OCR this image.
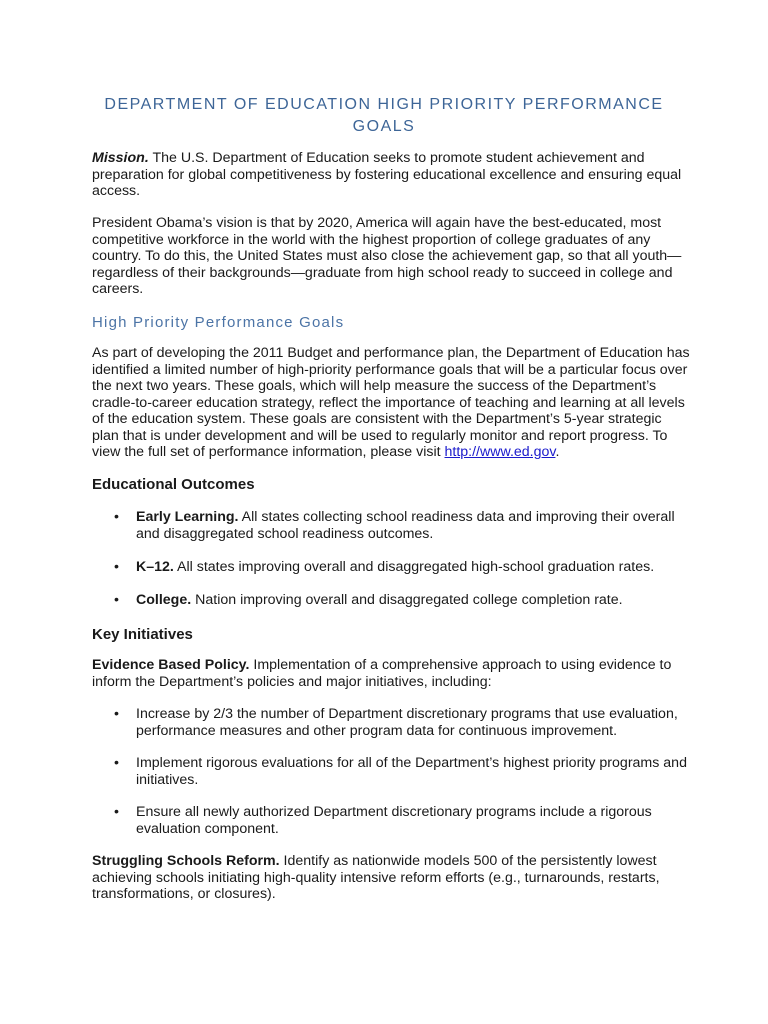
DEPARTMENT OF EDUCATION HIGH PRIORITY PERFORMANCE GOALS
Mission. The U.S. Department of Education seeks to promote student achievement and preparation for global competitiveness by fostering educational excellence and ensuring equal access.
President Obama’s vision is that by 2020, America will again have the best-educated, most competitive workforce in the world with the highest proportion of college graduates of any country. To do this, the United States must also close the achievement gap, so that all youth—regardless of their backgrounds—graduate from high school ready to succeed in college and careers.
High Priority Performance Goals
As part of developing the 2011 Budget and performance plan, the Department of Education has identified a limited number of high-priority performance goals that will be a particular focus over the next two years. These goals, which will help measure the success of the Department’s cradle-to-career education strategy, reflect the importance of teaching and learning at all levels of the education system. These goals are consistent with the Department’s 5-year strategic plan that is under development and will be used to regularly monitor and report progress. To view the full set of performance information, please visit http://www.ed.gov.
Educational Outcomes
• Early Learning. All states collecting school readiness data and improving their overall and disaggregated school readiness outcomes.
• K–12. All states improving overall and disaggregated high-school graduation rates.
• College. Nation improving overall and disaggregated college completion rate.
Key Initiatives
Evidence Based Policy. Implementation of a comprehensive approach to using evidence to inform the Department’s policies and major initiatives, including:
• Increase by 2/3 the number of Department discretionary programs that use evaluation, performance measures and other program data for continuous improvement.
• Implement rigorous evaluations for all of the Department’s highest priority programs and initiatives.
• Ensure all newly authorized Department discretionary programs include a rigorous evaluation component.
Struggling Schools Reform. Identify as nationwide models 500 of the persistently lowest achieving schools initiating high-quality intensive reform efforts (e.g., turnarounds, restarts, transformations, or closures).
